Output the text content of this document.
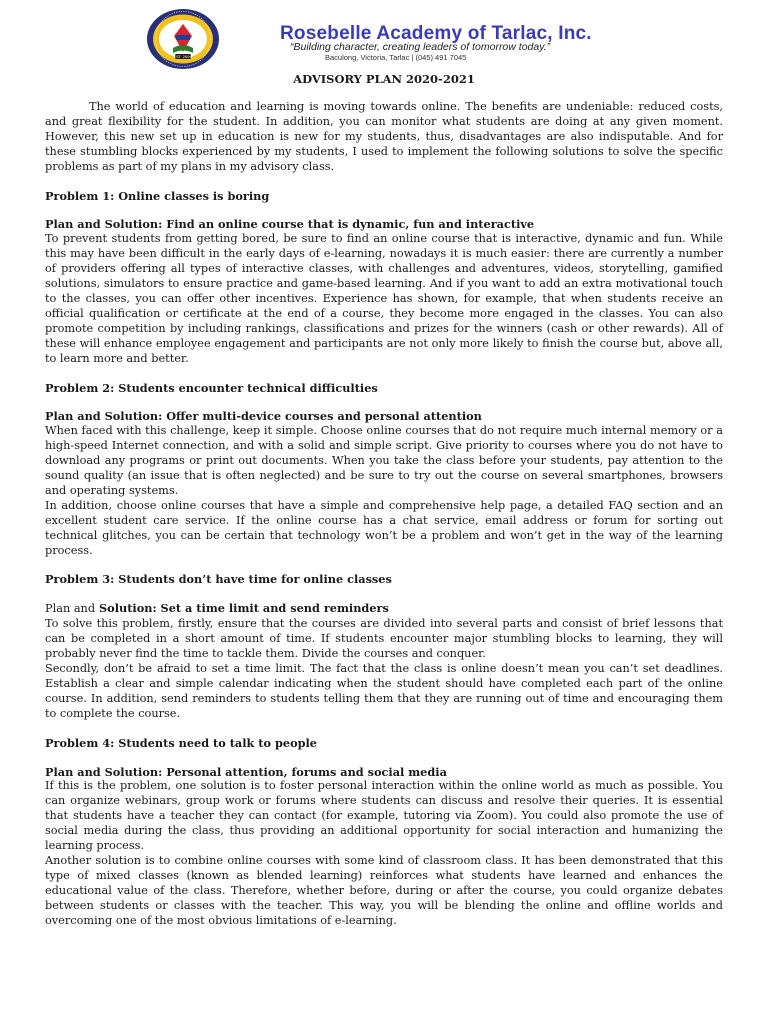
EST. 2006
Rosebelle Academy of Tarlac, Inc.
“Building character, creating leaders of tomorrow today.”
Baculong, Victoria, Tarlac | (045) 491 7045
ADVISORY PLAN 2020-2021

The world of education and learning is moving towards online. The benefits are undeniable: reduced costs, and great flexibility for the student. In addition, you can monitor what students are doing at any given moment. However, this new set up in education is new for my students, thus, disadvantages are also indisputable. And for these stumbling blocks experienced by my students, I used to implement the following solutions to solve the specific problems as part of my plans in my advisory class.

Problem 1: Online classes is boring

Plan and Solution: Find an online course that is dynamic, fun and interactive

To prevent students from getting bored, be sure to find an online course that is interactive, dynamic and fun. While this may have been difficult in the early days of e-learning, nowadays it is much easier: there are currently a number of providers offering all types of interactive classes, with challenges and adventures, videos, storytelling, gamified solutions, simulators to ensure practice and game-based learning. And if you want to add an extra motivational touch to the classes, you can offer other incentives. Experience has shown, for example, that when students receive an official qualification or certificate at the end of a course, they become more engaged in the classes. You can also promote competition by including rankings, classifications and prizes for the winners (cash or other rewards). All of these will enhance employee engagement and participants are not only more likely to finish the course but, above all, to learn more and better.

Problem 2: Students encounter technical difficulties

Plan and Solution: Offer multi-device courses and personal attention

When faced with this challenge, keep it simple. Choose online courses that do not require much internal memory or a high-speed Internet connection, and with a solid and simple script. Give priority to courses where you do not have to download any programs or print out documents. When you take the class before your students, pay attention to the sound quality (an issue that is often neglected) and be sure to try out the course on several smartphones, browsers and operating systems.

In addition, choose online courses that have a simple and comprehensive help page, a detailed FAQ section and an excellent student care service. If the online course has a chat service, email address or forum for sorting out technical glitches, you can be certain that technology won’t be a problem and won’t get in the way of the learning process.

Problem 3: Students don’t have time for online classes

Plan and Solution: Set a time limit and send reminders

To solve this problem, firstly, ensure that the courses are divided into several parts and consist of brief lessons that can be completed in a short amount of time. If students encounter major stumbling blocks to learning, they will probably never find the time to tackle them. Divide the courses and conquer.

Secondly, don’t be afraid to set a time limit. The fact that the class is online doesn’t mean you can’t set deadlines. Establish a clear and simple calendar indicating when the student should have completed each part of the online course. In addition, send reminders to students telling them that they are running out of time and encouraging them to complete the course.

Problem 4: Students need to talk to people

Plan and Solution: Personal attention, forums and social media

If this is the problem, one solution is to foster personal interaction within the online world as much as possible. You can organize webinars, group work or forums where students can discuss and resolve their queries. It is essential that students have a teacher they can contact (for example, tutoring via Zoom). You could also promote the use of social media during the class, thus providing an additional opportunity for social interaction and humanizing the learning process.

Another solution is to combine online courses with some kind of classroom class. It has been demonstrated that this type of mixed classes (known as blended learning) reinforces what students have learned and enhances the educational value of the class. Therefore, whether before, during or after the course, you could organize debates between students or classes with the teacher. This way, you will be blending the online and offline worlds and overcoming one of the most obvious limitations of e-learning.
